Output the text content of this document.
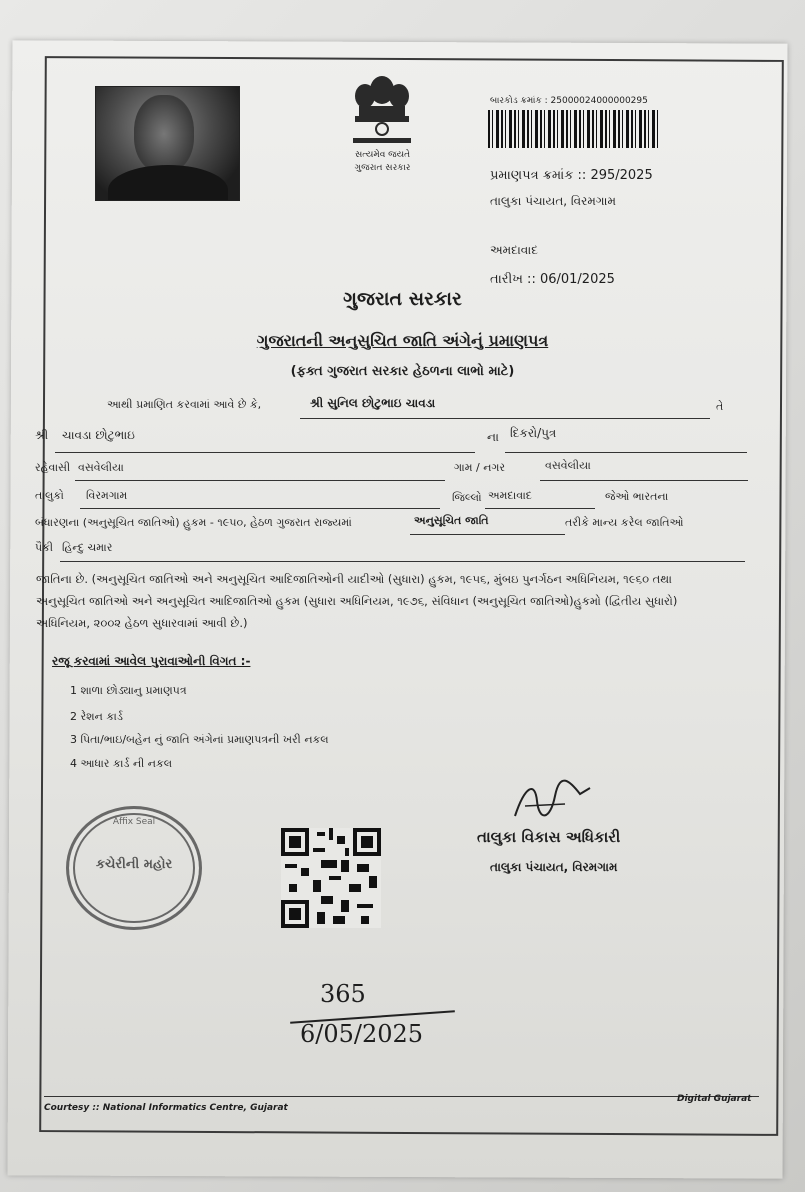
સત્યમેવ જયતે
ગુજરાત સરકાર
બારકોડ ક્રમાંક : 25000024000000295
પ્રમાણપત્ર ક્રમાંક :: 295/2025
તાલુકા પંચાયત, વિરમગામ
અમદાવાદ
તારીખ :: 06/01/2025
ગુજરાત સરકાર
ગુજરાતની અનુસુચિત જાતિ અંગેનું પ્રમાણપત્ર
(ફક્ત ગુજરાત સરકાર હેઠળના લાભો માટે)
આથી પ્રમાણિત કરવામાં આવે છે કે,	શ્રી સુનિલ છોટુભાઇ ચાવડા	તે
શ્રી ચાવડા છોટુભાઇ	ના દિકરો/પુત્ર
રહેવાસી વસવેલીયા	ગામ / નગર	વસવેલીયા
તાલુકો વિરમગામ	જિલ્લો અમદાવાદ	જેઓ ભારતના
બંધારણના (અનુસૂચિત જાતિઓ) હુકમ - ૧૯૫૦, હેઠળ ગુજરાત રાજ્યમાં	અનુસૂચિત જાતિ	તરીકે માન્ય કરેલ જાતિઓ
પૈકી હિન્દુ ચમાર
જાતિના છે. (અનુસૂચિત જાતિઓ અને અનુસૂચિત આદિજાતિઓની યાદીઓ (સુધારા) હુકમ, ૧૯૫૬, મુંબઇ પુનર્ગઠન અધિનિયમ, ૧૯૬૦ તથા
અનુસૂચિત જાતિઓ અને અનુસૂચિત આદિજાતિઓ હુકમ (સુધારા અધિનિયમ, ૧૯૭૬, સંવિધાન (અનુસૂચિત જાતિઓ)હુકમો (દ્વિતીય સુધારો)
અધિનિયમ, ૨૦૦૨ હેઠળ સુધારવામાં આવી છે.)
રજૂ કરવામાં આવેલ પુરાવાઓની વિગત :-
1 શાળા છોડ્યાનુ પ્રમાણપત્ર
2 રેશન કાર્ડ
3 પિતા/ભાઇ/બહેન નું જાતિ અંગેનાં પ્રમાણપત્રની ખરી નકલ
4 આધાર કાર્ડ ની નકલ
Affix Seal
કચેરીની મહોર
તાલુકા વિકાસ અધિકારી
તાલુકા પંચાયત, વિરમગામ
365
6/05/2025
Courtesy :: National Informatics Centre, Gujarat
Digital Gujarat
